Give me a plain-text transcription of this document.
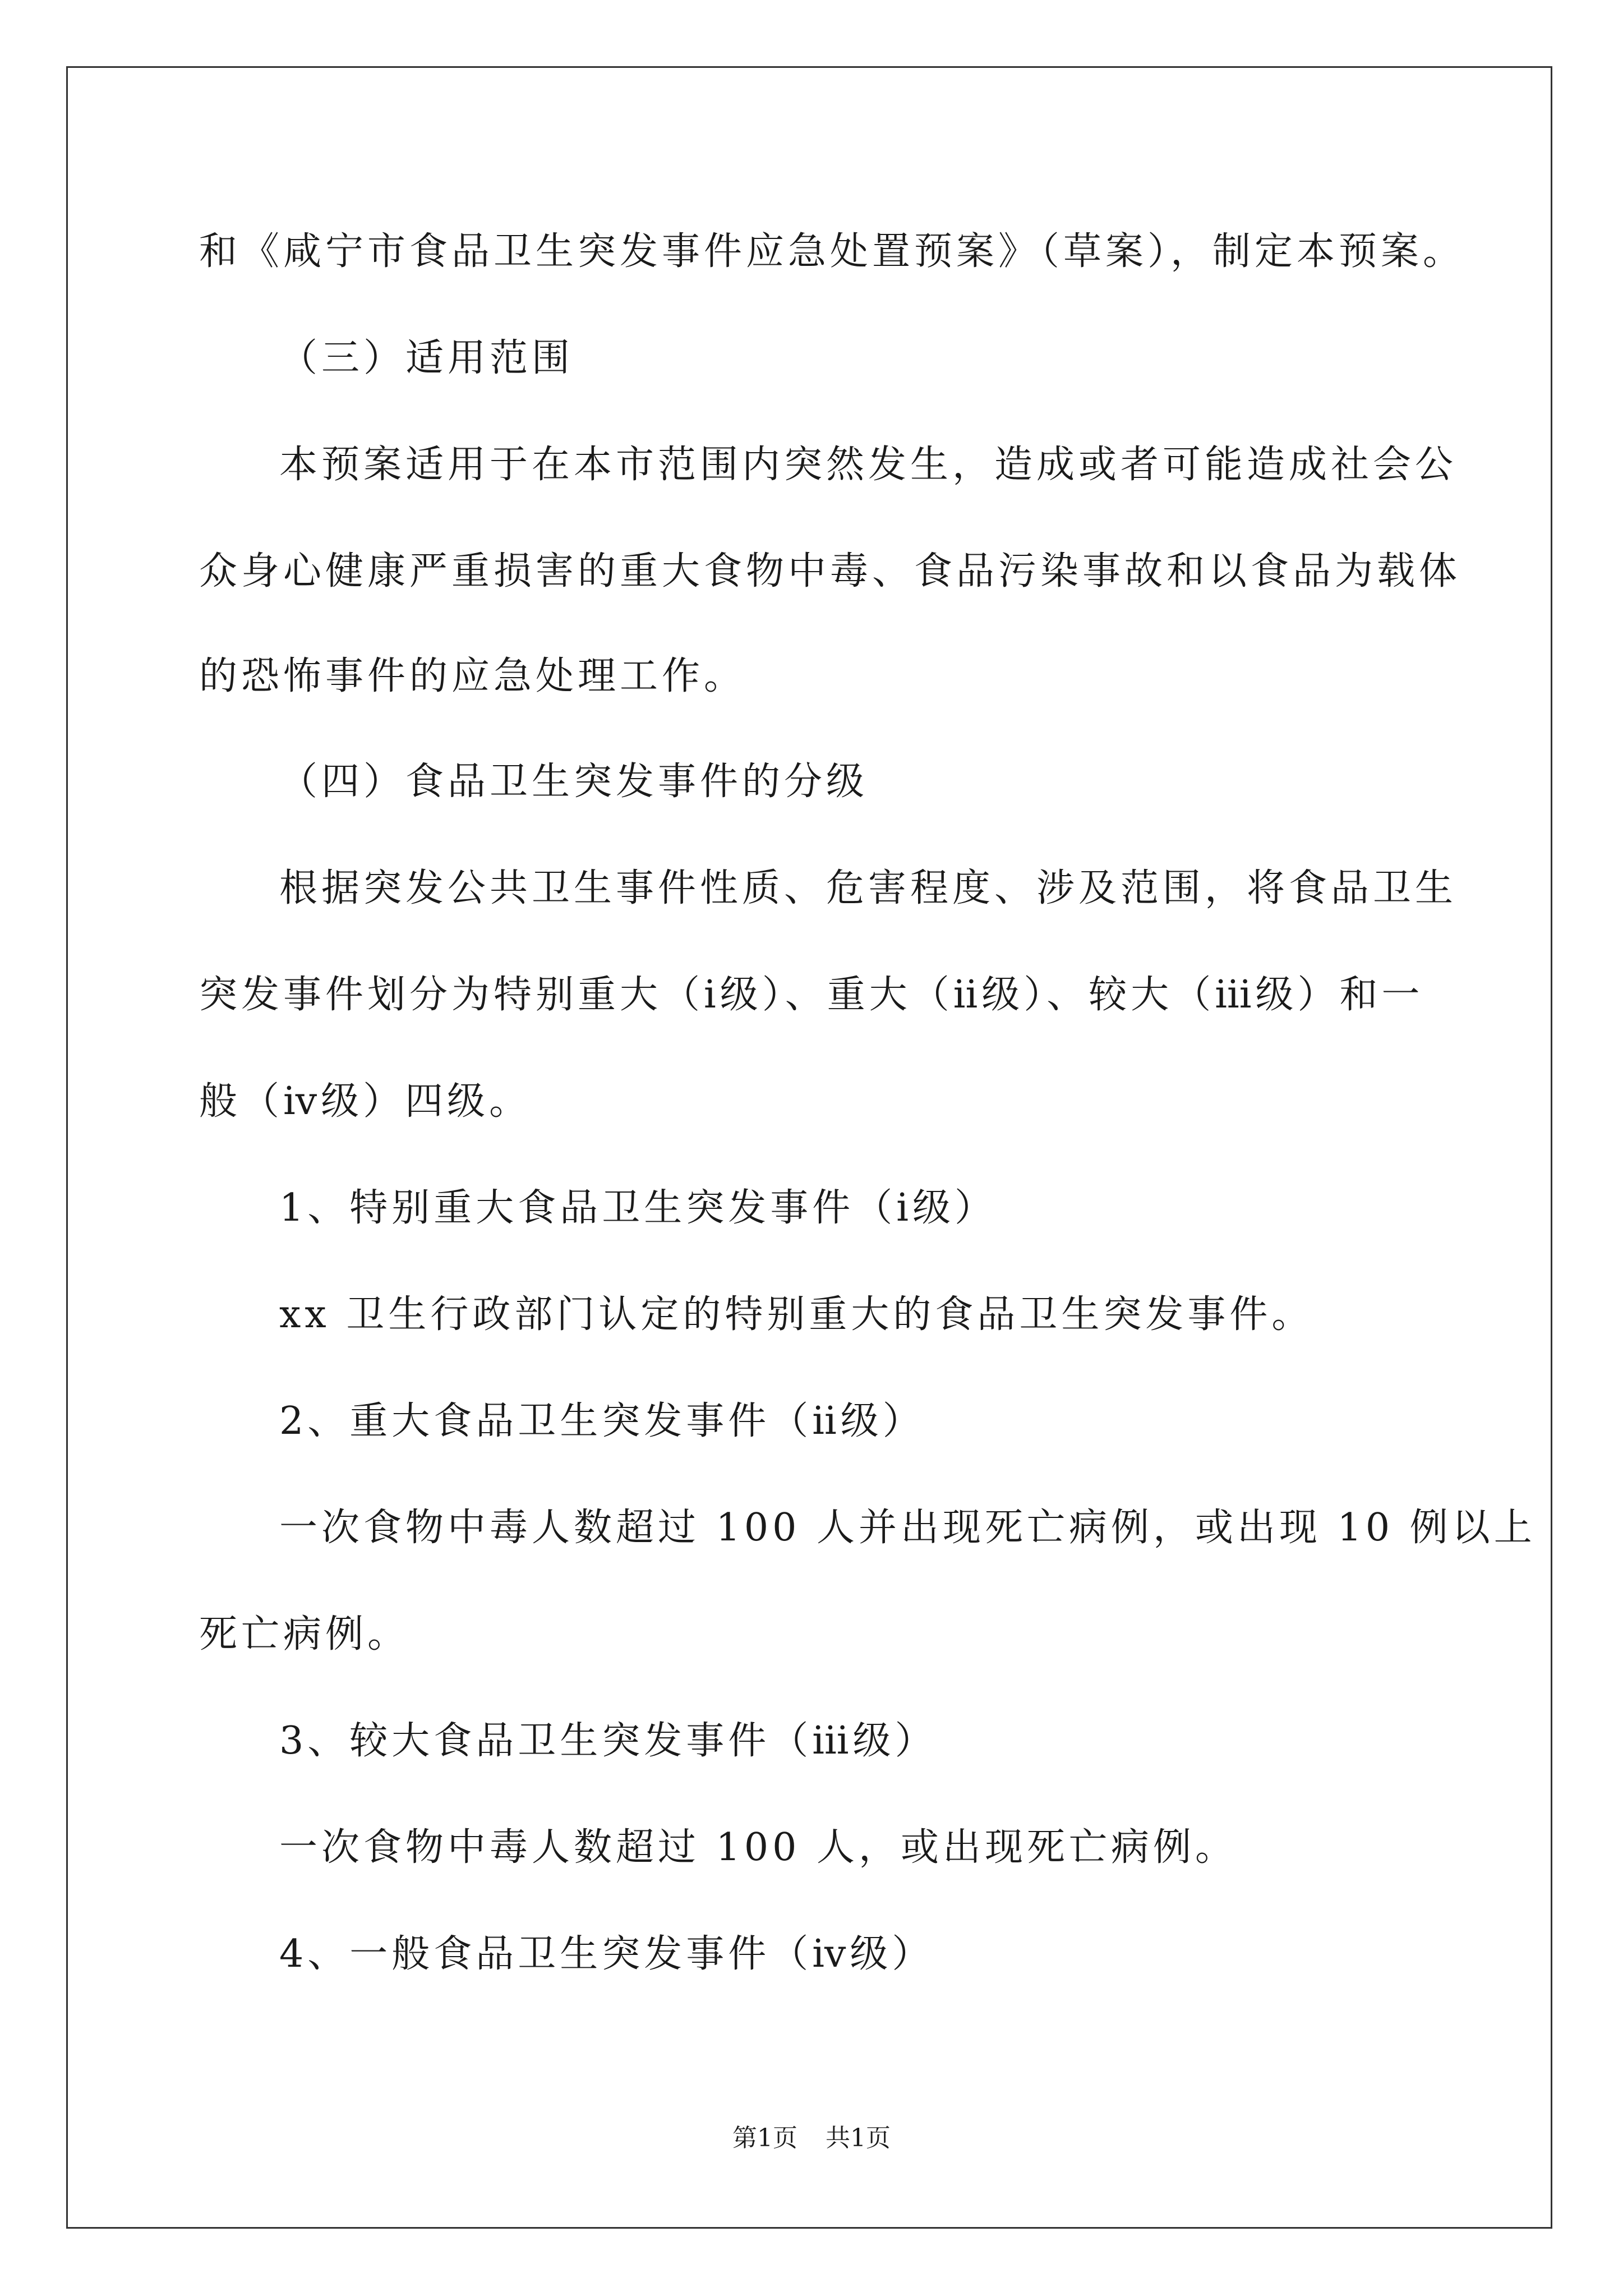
和《咸宁市食品卫生突发事件应急处置预案》（草案），制定本预案。
（三）适用范围
本预案适用于在本市范围内突然发生，造成或者可能造成社会公
众身心健康严重损害的重大食物中毒、食品污染事故和以食品为载体
的恐怖事件的应急处理工作。
（四）食品卫生突发事件的分级
根据突发公共卫生事件性质、危害程度、涉及范围，将食品卫生
突发事件划分为特别重大（ⅰ级）、重大（ⅱ级）、较大（ⅲ级）和一
般（ⅳ级）四级。
1、特别重大食品卫生突发事件（ⅰ级）
xx 卫生行政部门认定的特别重大的食品卫生突发事件。
2、重大食品卫生突发事件（ⅱ级）
一次食物中毒人数超过 100 人并出现死亡病例，或出现 10 例以上
死亡病例。
3、较大食品卫生突发事件（ⅲ级）
一次食物中毒人数超过 100 人，或出现死亡病例。
4、一般食品卫生突发事件（ⅳ级）
第1页 共1页
